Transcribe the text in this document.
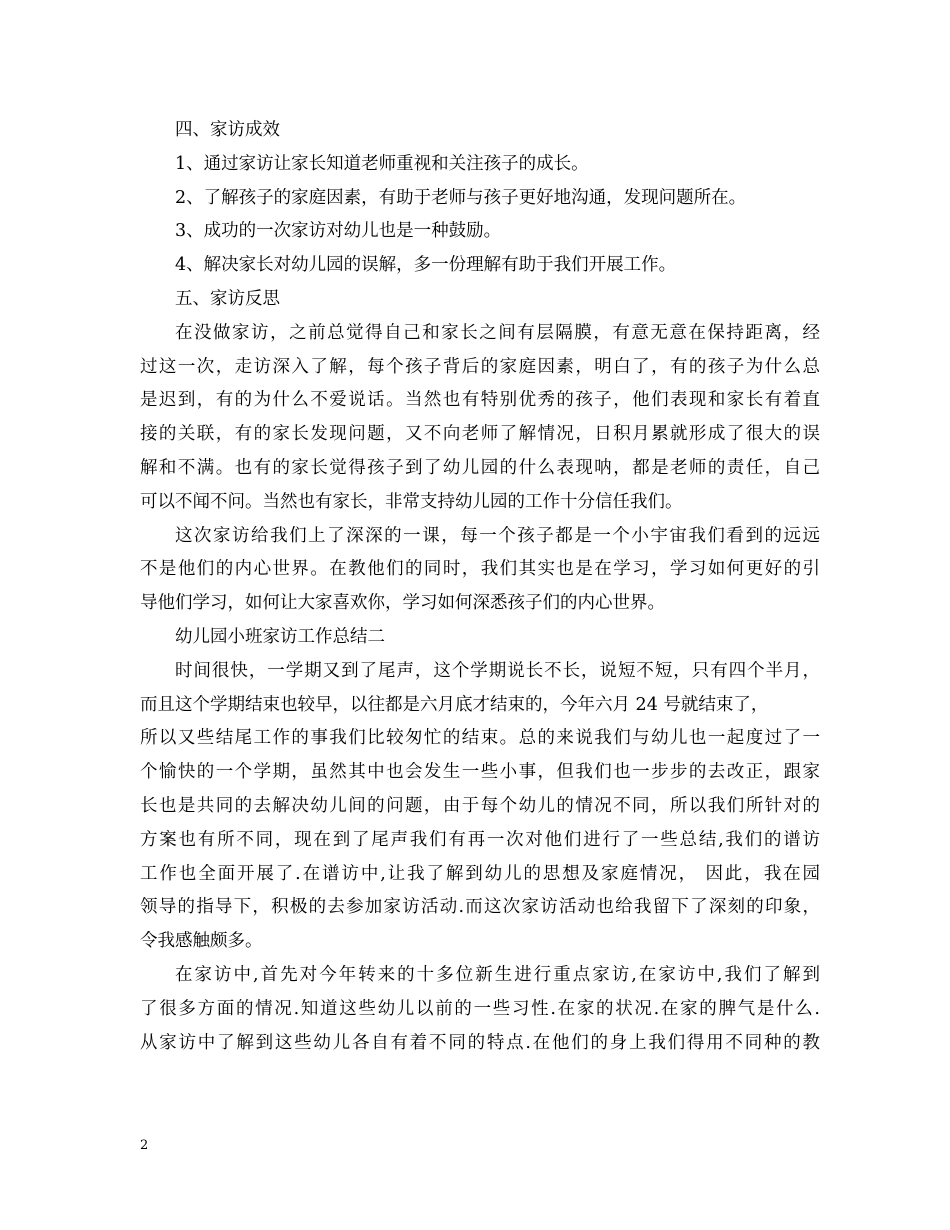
四、家访成效
1、通过家访让家长知道老师重视和关注孩子的成长。
2、了解孩子的家庭因素，有助于老师与孩子更好地沟通，发现问题所在。
3、成功的一次家访对幼儿也是一种鼓励。
4、解决家长对幼儿园的误解，多一份理解有助于我们开展工作。
五、家访反思
在没做家访，之前总觉得自己和家长之间有层隔膜，有意无意在保持距离，经
过这一次，走访深入了解，每个孩子背后的家庭因素，明白了，有的孩子为什么总
是迟到，有的为什么不爱说话。当然也有特别优秀的孩子，他们表现和家长有着直
接的关联，有的家长发现问题，又不向老师了解情况，日积月累就形成了很大的误
解和不满。也有的家长觉得孩子到了幼儿园的什么表现呐，都是老师的责任，自己
可以不闻不问。当然也有家长，非常支持幼儿园的工作十分信任我们。
这次家访给我们上了深深的一课，每一个孩子都是一个小宇宙我们看到的远远
不是他们的内心世界。在教他们的同时，我们其实也是在学习，学习如何更好的引
导他们学习，如何让大家喜欢你，学习如何深悉孩子们的内心世界。
幼儿园小班家访工作总结二
时间很快，一学期又到了尾声，这个学期说长不长，说短不短，只有四个半月，
而且这个学期结束也较早，以往都是六月底才结束的，今年六月 24 号就结束了，
所以又些结尾工作的事我们比较匆忙的结束。总的来说我们与幼儿也一起度过了一
个愉快的一个学期，虽然其中也会发生一些小事，但我们也一步步的去改正，跟家
长也是共同的去解决幼儿间的问题，由于每个幼儿的情况不同，所以我们所针对的
方案也有所不同，现在到了尾声我们有再一次对他们进行了一些总结,我们的谱访
工作也全面开展了.在谱访中,让我了解到幼儿的思想及家庭情况， 因此，我在园
领导的指导下，积极的去参加家访活动.而这次家访活动也给我留下了深刻的印象，
令我感触颇多。
在家访中,首先对今年转来的十多位新生进行重点家访,在家访中,我们了解到
了很多方面的情况.知道这些幼儿以前的一些习性.在家的状况.在家的脾气是什么.
从家访中了解到这些幼儿各自有着不同的特点.在他们的身上我们得用不同种的教
2
